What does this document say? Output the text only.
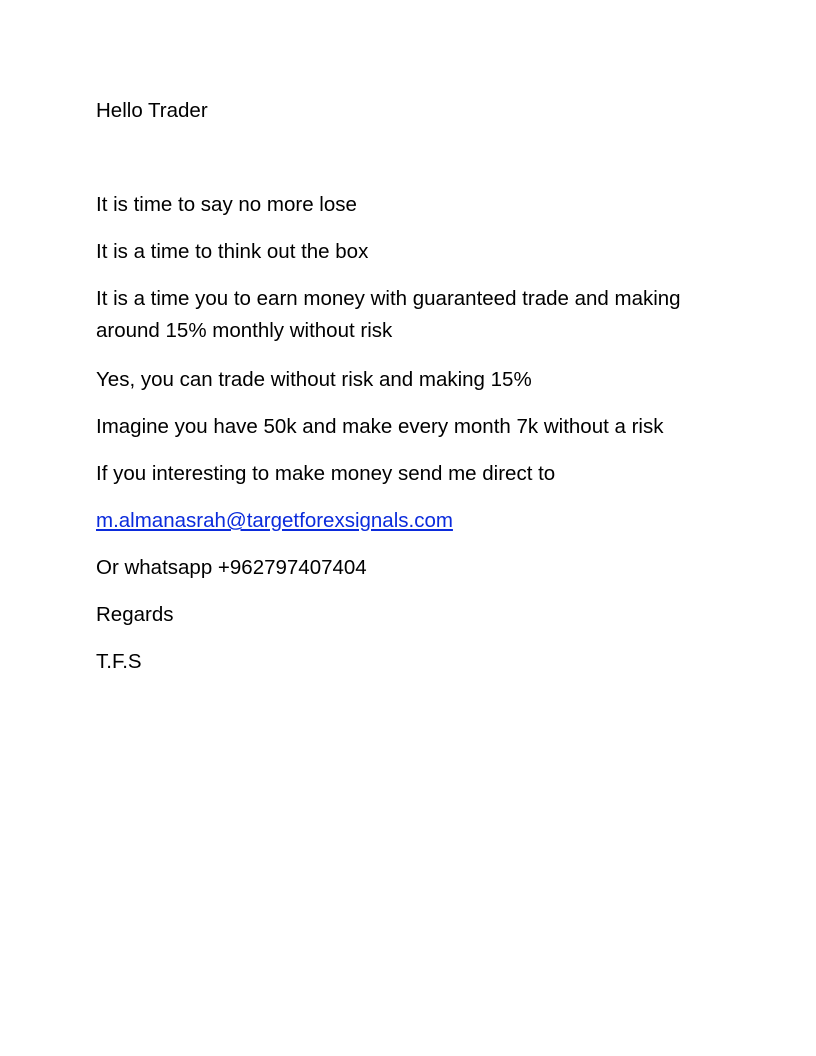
Hello Trader

It is time to say no more lose

It is a time to think out the box

It is a time you to earn money with guaranteed trade and making around 15% monthly without risk

Yes, you can trade without risk and making 15%

Imagine you have 50k and make every month 7k without a risk

If you interesting to make money send me direct to

m.almanasrah@targetforexsignals.com

Or whatsapp +962797407404

Regards

T.F.S
